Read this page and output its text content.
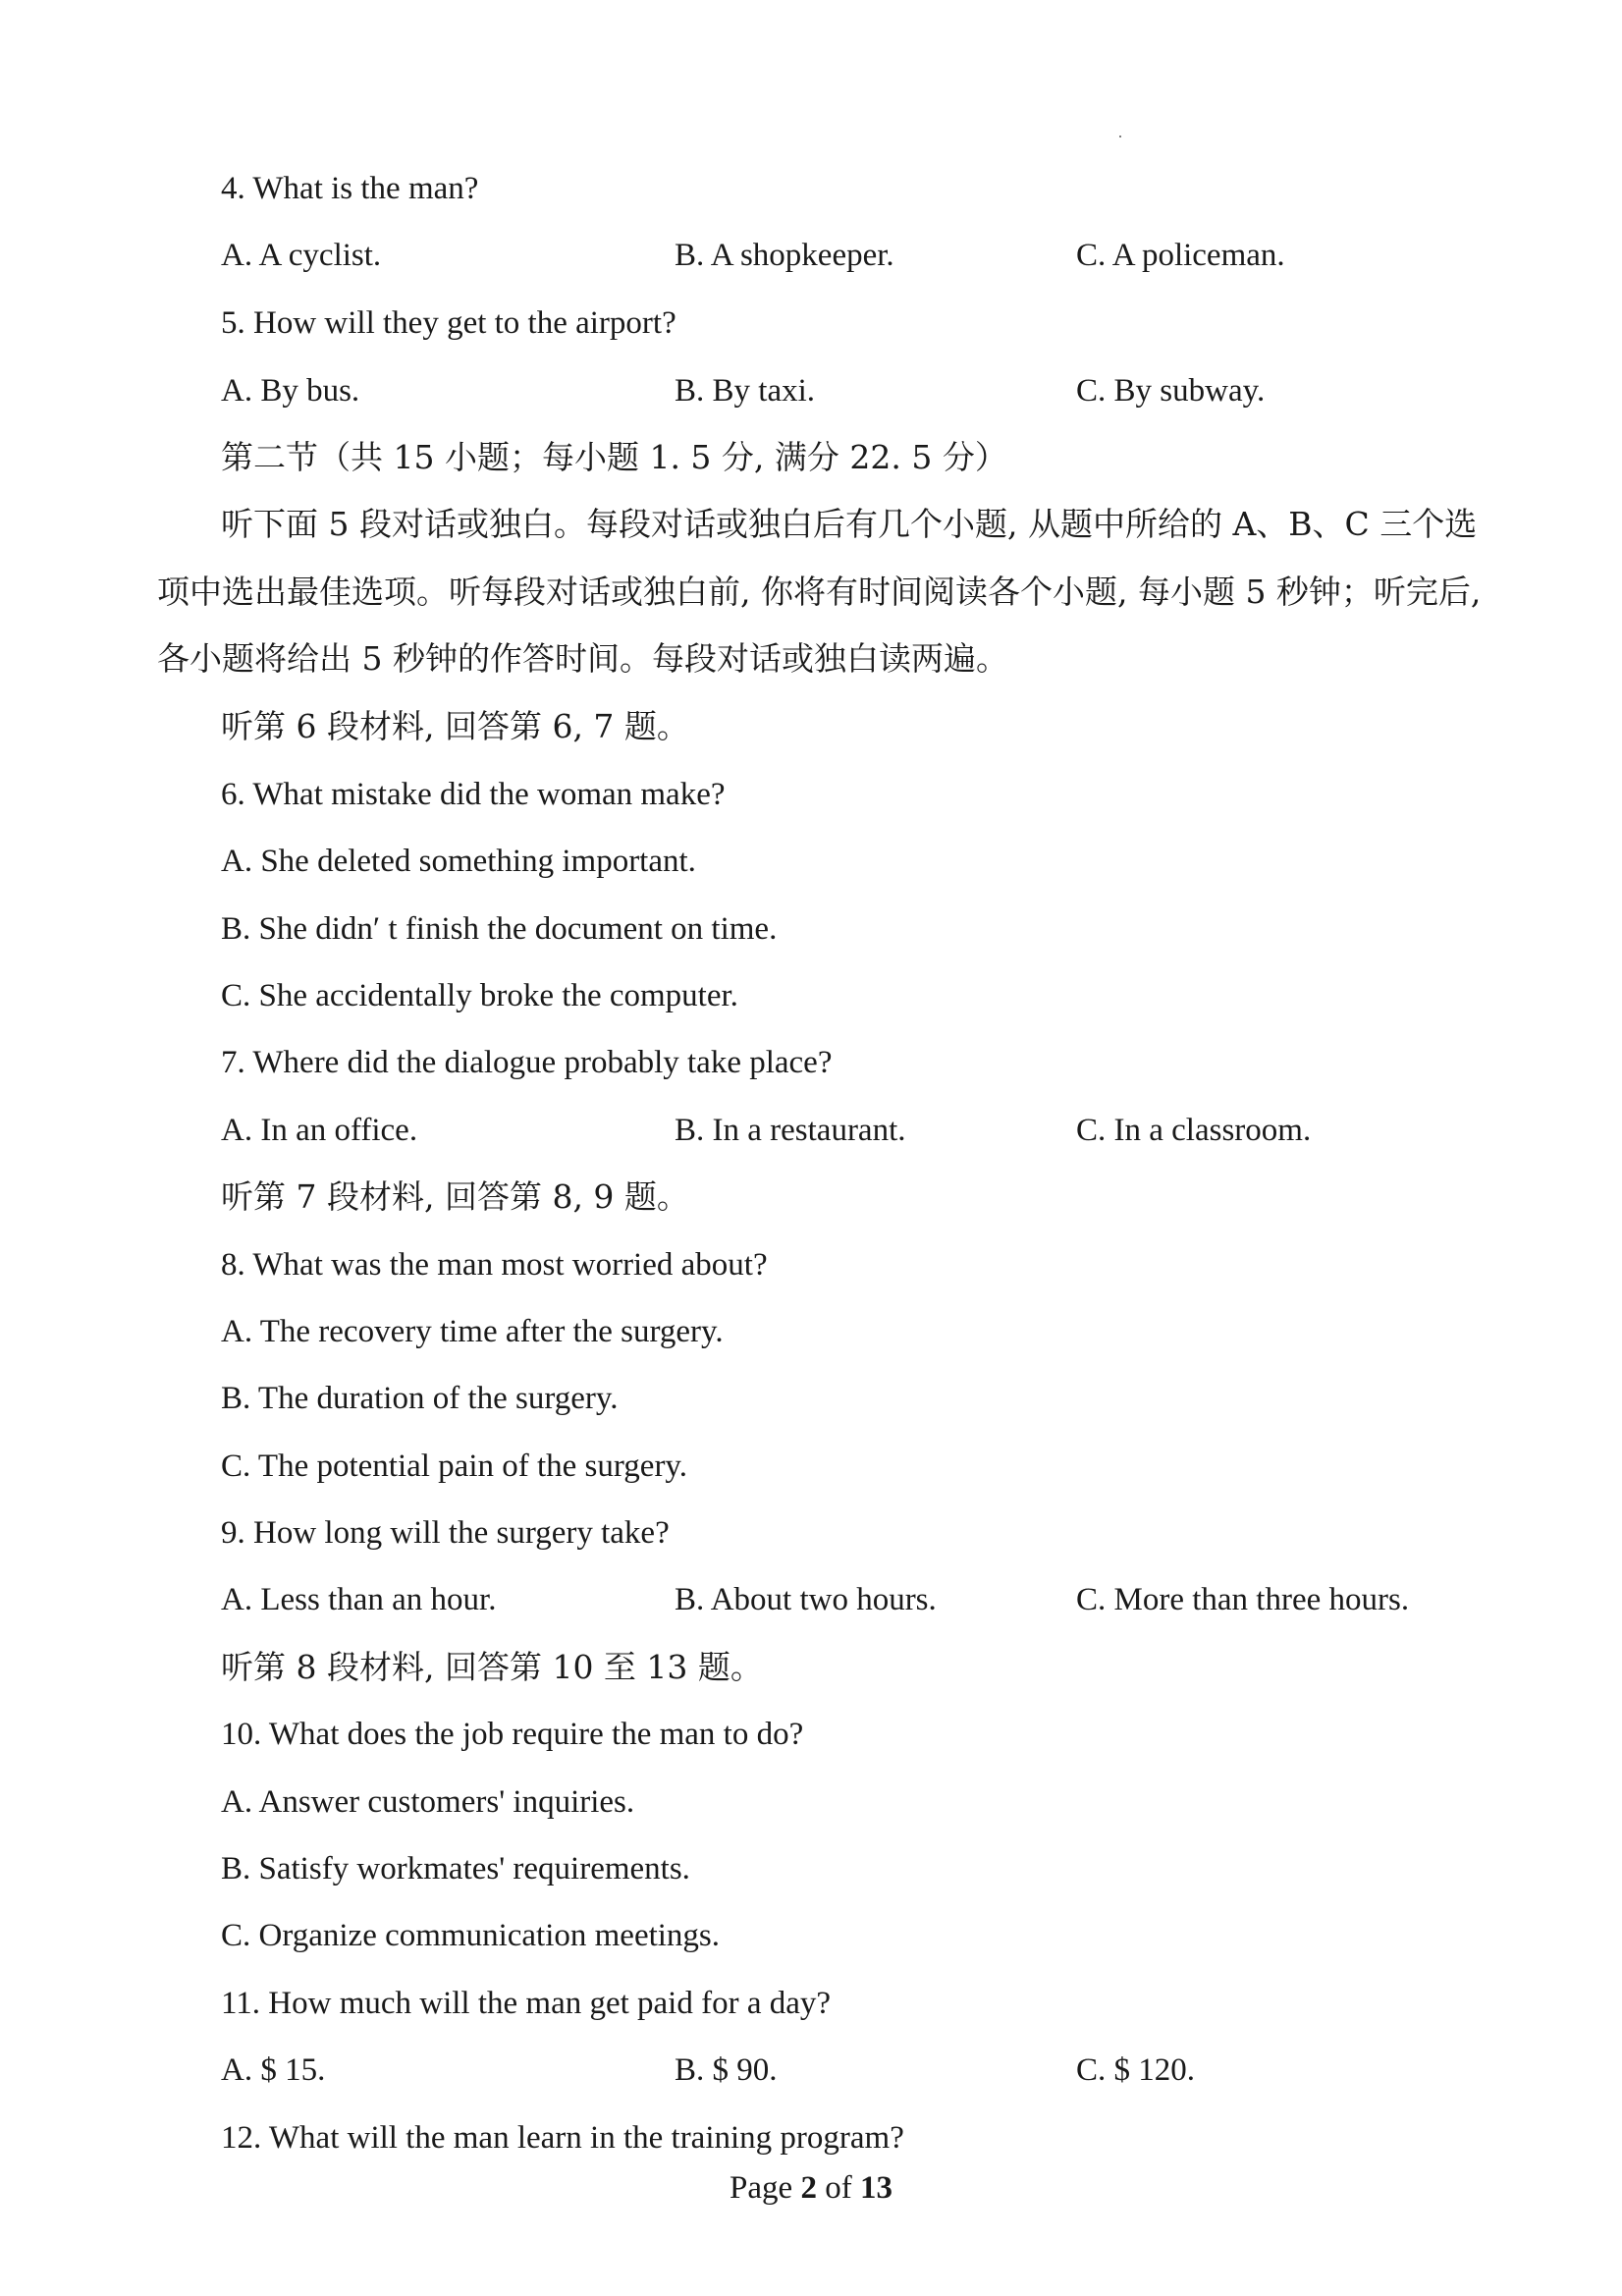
4. What is the man?
A. A cyclist.	B. A shopkeeper.	C. A policeman.
5. How will they get to the airport?
A. By bus.	B. By taxi.	C. By subway.
第二节（共 15 小题；每小题 1. 5 分, 满分 22. 5 分）
听下面 5 段对话或独白。每段对话或独白后有几个小题, 从题中所给的 A、B、C 三个选
项中选出最佳选项。听每段对话或独白前, 你将有时间阅读各个小题, 每小题 5 秒钟；听完后,
各小题将给出 5 秒钟的作答时间。每段对话或独白读两遍。
听第 6 段材料, 回答第 6, 7 题。
6. What mistake did the woman make?
A. She deleted something important.
B. She didn′ t finish the document on time.
C. She accidentally broke the computer.
7. Where did the dialogue probably take place?
A. In an office.	B. In a restaurant.	C. In a classroom.
听第 7 段材料, 回答第 8, 9 题。
8. What was the man most worried about?
A. The recovery time after the surgery.
B. The duration of the surgery.
C. The potential pain of the surgery.
9. How long will the surgery take?
A. Less than an hour.	B. About two hours.	C. More than three hours.
听第 8 段材料, 回答第 10 至 13 题。
10. What does the job require the man to do?
A. Answer customers' inquiries.
B. Satisfy workmates' requirements.
C. Organize communication meetings.
11. How much will the man get paid for a day?
A. $ 15.	B. $ 90.	C. $ 120.
12. What will the man learn in the training program?
Page 2 of 13
